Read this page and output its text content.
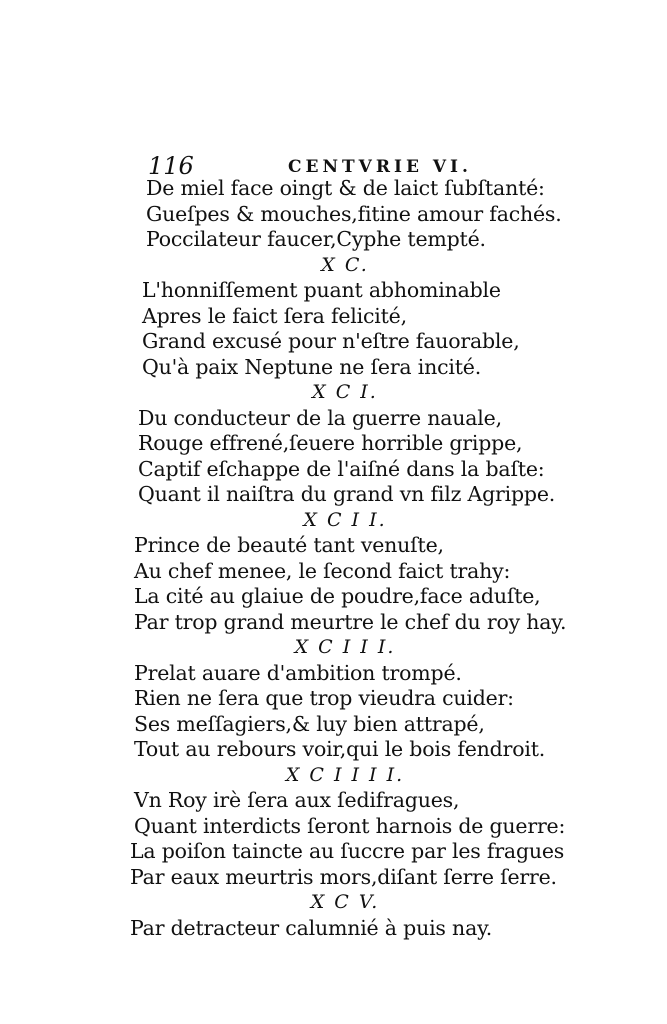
116	CENTVRIE VI.
De miel face oingt & de laict ſubſtanté:
Gueſpes & mouches,fitine amour fachés.
Poccilateur faucer,Cyphe tempté.
X C.
L'honniſſement puant abhominable
Apres le faict ſera felicité,
Grand excusé pour n'eſtre fauorable,
Qu'à paix Neptune ne ſera incité.
X C I.
Du conducteur de la guerre nauale,
Rouge effrené,ſeuere horrible grippe,
Captif eſchappe de l'aiſné dans la baſte:
Quant il naiſtra du grand vn filz Agrippe.
X C I I.
Prince de beauté tant venuſte,
Au chef menee, le ſecond faict trahy:
La cité au glaiue de poudre,face aduſte,
Par trop grand meurtre le chef du roy hay.
X C I I I.
Prelat auare d'ambition trompé.
Rien ne ſera que trop vieudra cuider:
Ses meſſagiers,& luy bien attrapé,
Tout au rebours voir,qui le bois fendroit.
X C I I I I.
Vn Roy irè ſera aux ſedifragues,
Quant interdicts ſeront harnois de guerre:
La poiſon taincte au ſuccre par les fragues
Par eaux meurtris mors,diſant ſerre ſerre.
X C V.
Par detracteur calumnié à puis nay.
